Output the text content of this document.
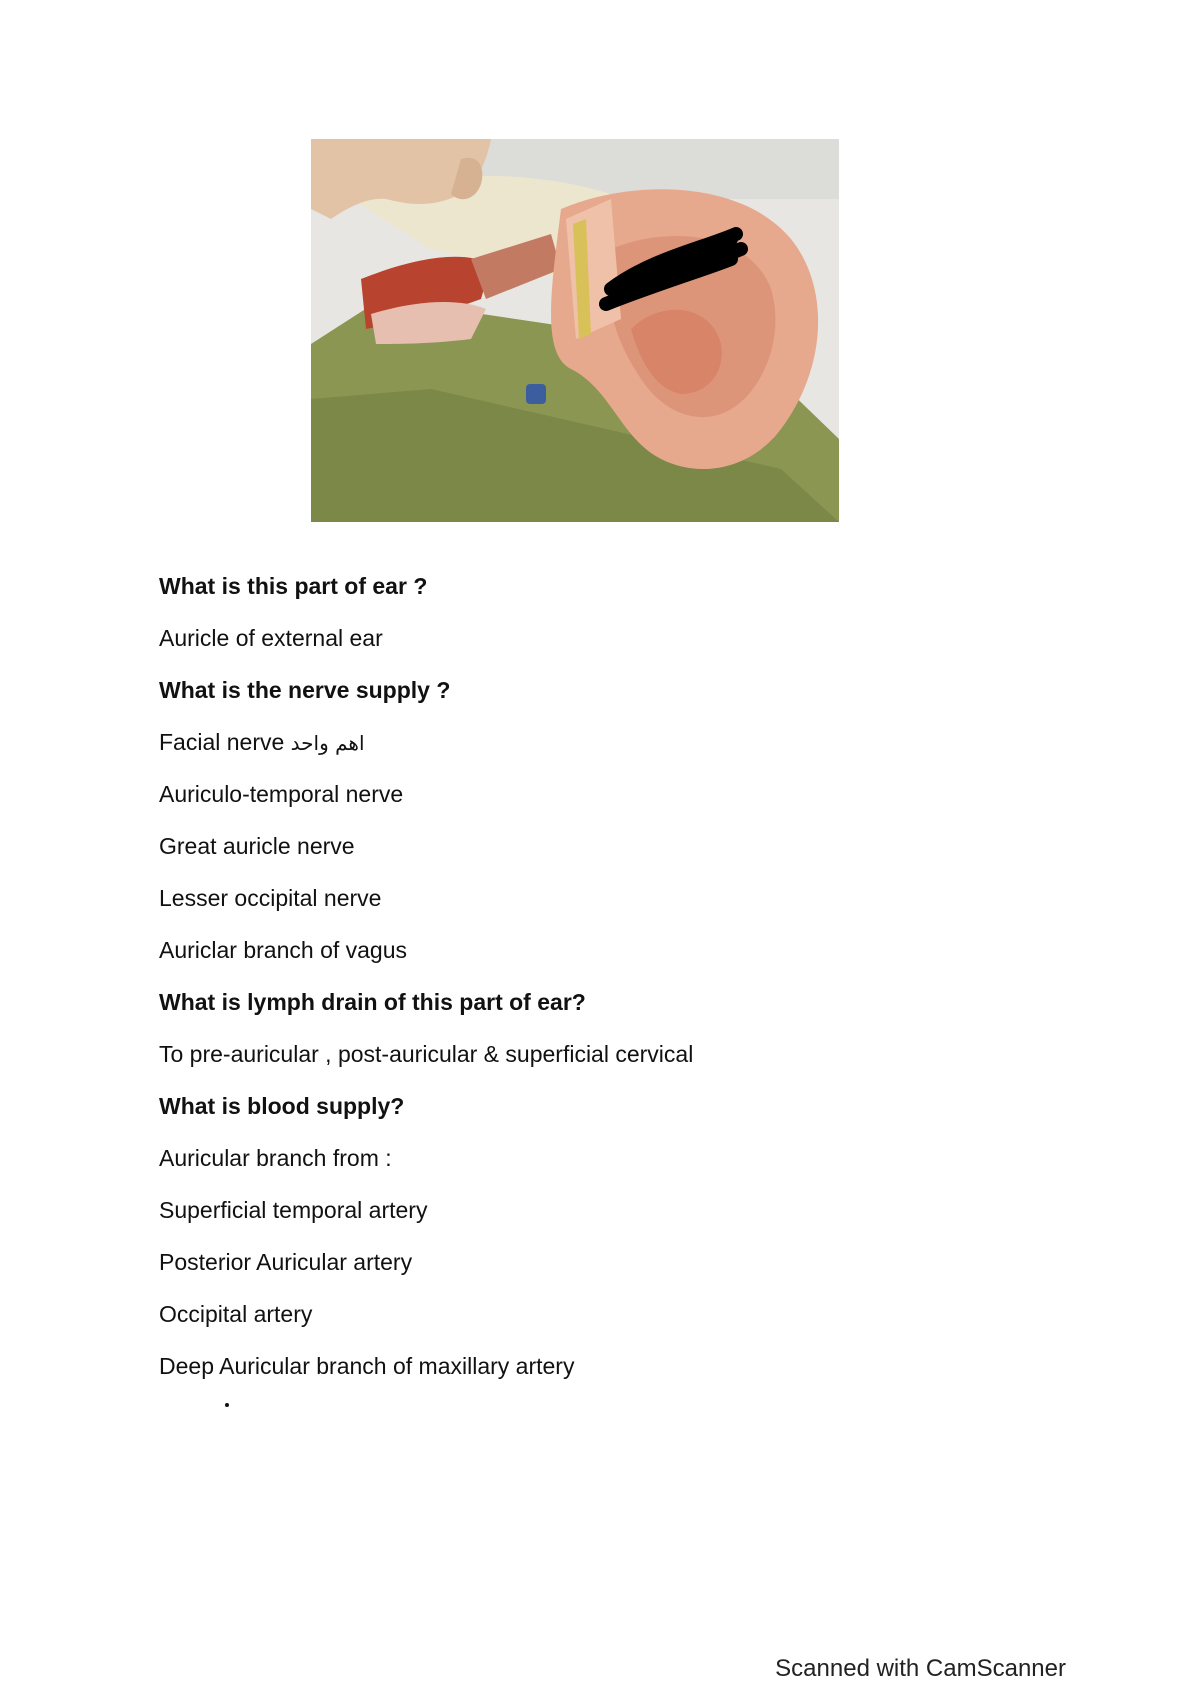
What is this part of ear ?
Auricle of external ear
What is the nerve supply ?
Facial nerve اهم واحد
Auriculo-temporal nerve
Great auricle nerve
Lesser occipital nerve
Auriclar branch of vagus
What is lymph drain of this part of ear?
To pre-auricular , post-auricular & superficial cervical
What is blood supply?
Auricular branch from :
Superficial temporal artery
Posterior Auricular artery
Occipital artery
Deep Auricular branch of maxillary artery
Scanned with CamScanner
